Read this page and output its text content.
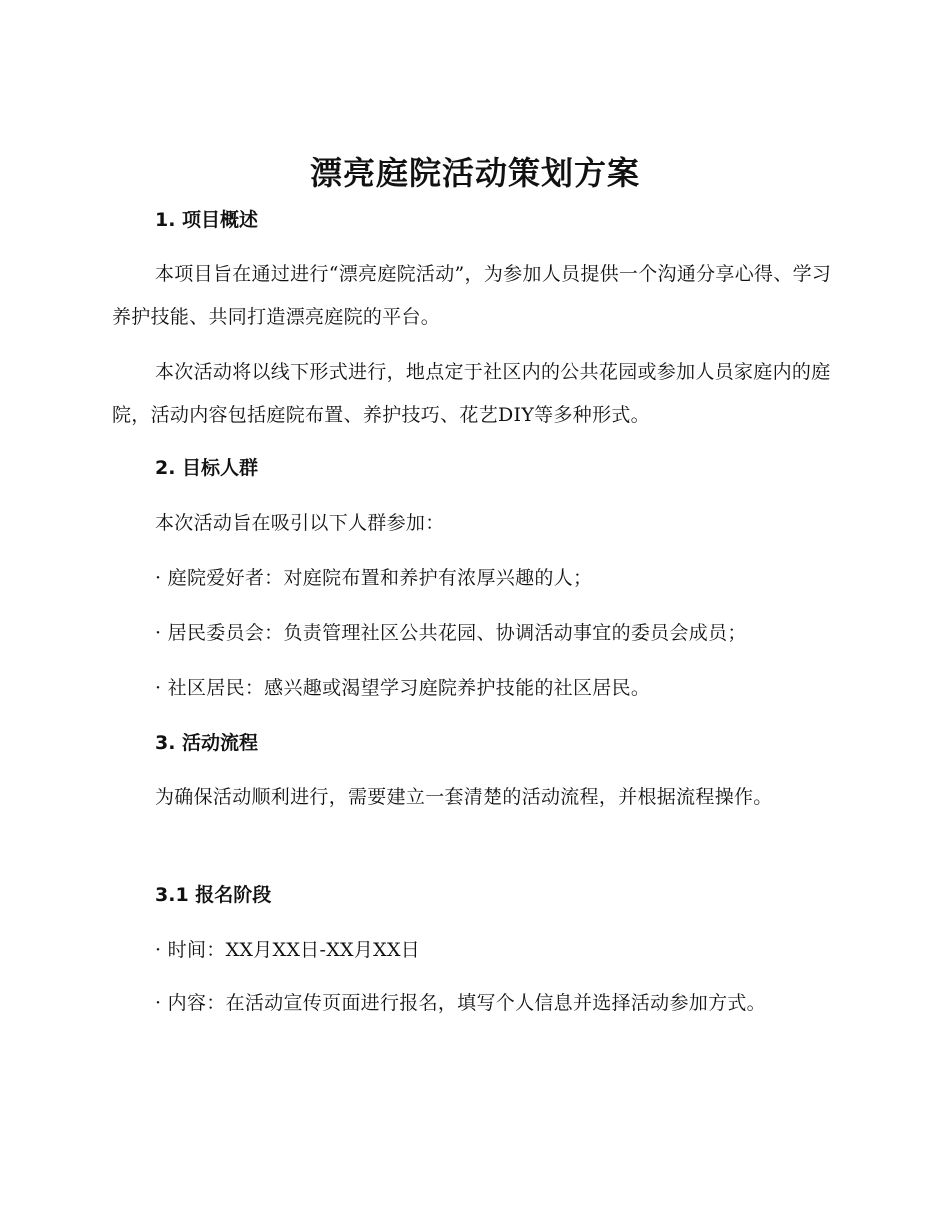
漂亮庭院活动策划方案
1. 项目概述
本项目旨在通过进行“漂亮庭院活动”，为参加人员提供一个沟通分享心得、学习养护技能、共同打造漂亮庭院的平台。
本次活动将以线下形式进行，地点定于社区内的公共花园或参加人员家庭内的庭院，活动内容包括庭院布置、养护技巧、花艺DIY等多种形式。
2. 目标人群
本次活动旨在吸引以下人群参加：
· 庭院爱好者：对庭院布置和养护有浓厚兴趣的人；
· 居民委员会：负责管理社区公共花园、协调活动事宜的委员会成员；
· 社区居民：感兴趣或渴望学习庭院养护技能的社区居民。
3. 活动流程
为确保活动顺利进行，需要建立一套清楚的活动流程，并根据流程操作。
3.1 报名阶段
· 时间：XX月XX日-XX月XX日
· 内容：在活动宣传页面进行报名，填写个人信息并选择活动参加方式。
